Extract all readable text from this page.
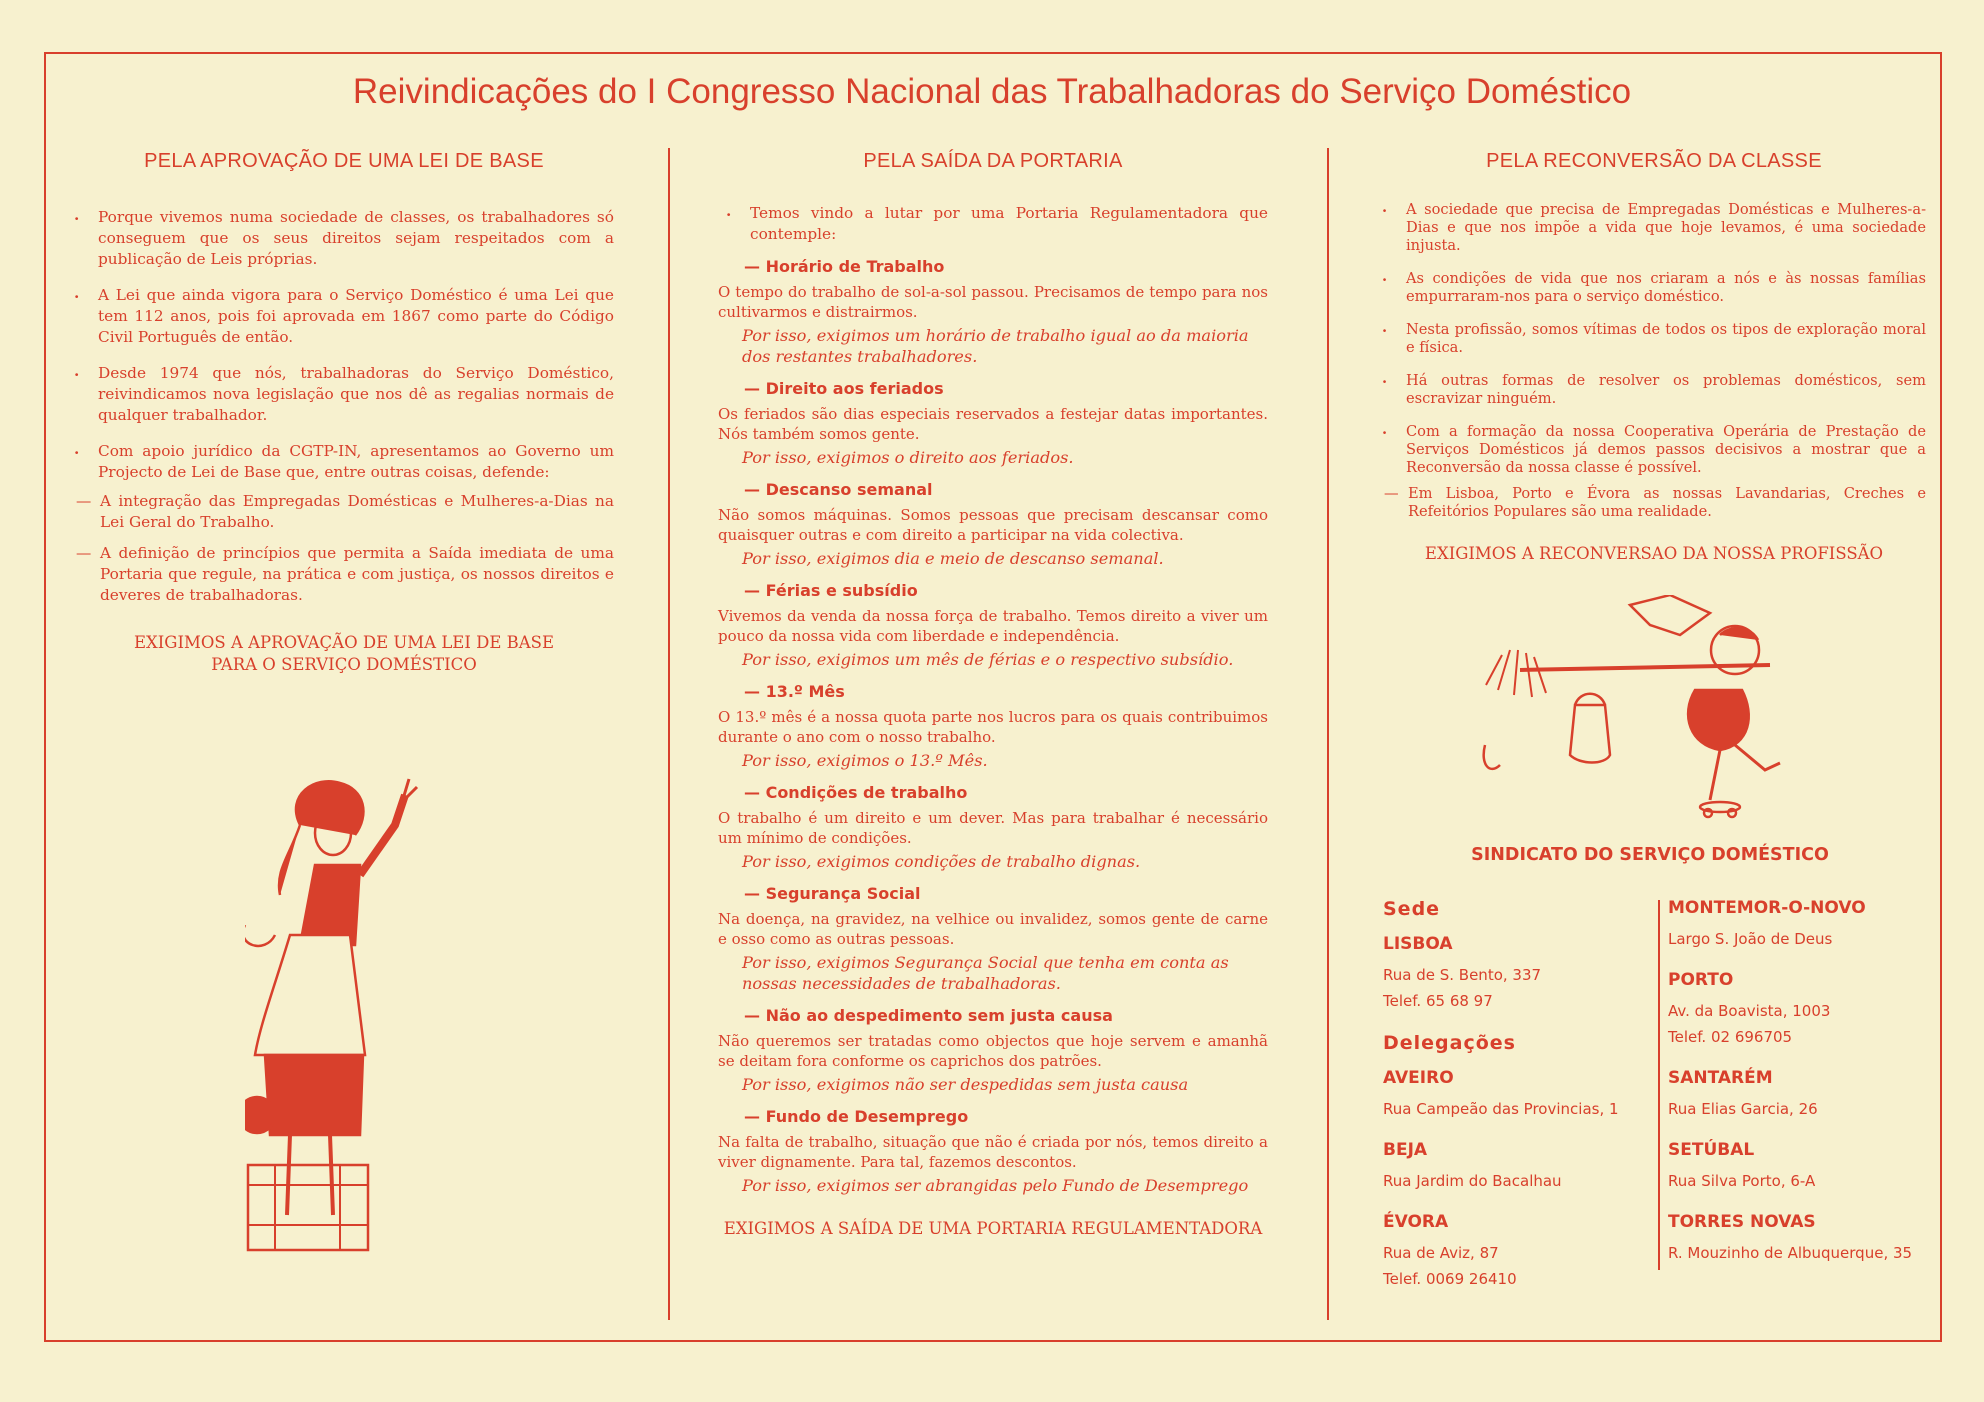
Reivindicações do I Congresso Nacional das Trabalhadoras do Serviço Doméstico
PELA APROVAÇÃO DE UMA LEI DE BASE
. Porque vivemos numa sociedade de classes, os trabalhadores só conseguem que os seus direitos sejam respeitados com a publicação de Leis próprias.
. A Lei que ainda vigora para o Serviço Doméstico é uma Lei que tem 112 anos, pois foi aprovada em 1867 como parte do Código Civil Português de então.
. Desde 1974 que nós, trabalhadoras do Serviço Doméstico, reivindicamos nova legislação que nos dê as regalias normais de qualquer trabalhador.
. Com apoio jurídico da CGTP-IN, apresentamos ao Governo um Projecto de Lei de Base que, entre outras coisas, defende:
— A integração das Empregadas Domésticas e Mulheres-a-Dias na Lei Geral do Trabalho.
— A definição de princípios que permita a Saída imediata de uma Portaria que regule, na prática e com justiça, os nossos direitos e deveres de trabalhadoras.
EXIGIMOS A APROVAÇÃO DE UMA LEI DE BASE PARA O SERVIÇO DOMÉSTICO
PELA SAÍDA DA PORTARIA
. Temos vindo a lutar por uma Portaria Regulamentadora que contemple:
— Horário de Trabalho
O tempo do trabalho de sol-a-sol passou. Precisamos de tempo para nos cultivarmos e distrairmos.
Por isso, exigimos um horário de trabalho igual ao da maioria dos restantes trabalhadores.
— Direito aos feriados
Os feriados são dias especiais reservados a festejar datas importantes. Nós também somos gente.
Por isso, exigimos o direito aos feriados.
— Descanso semanal
Não somos máquinas. Somos pessoas que precisam descansar como quaisquer outras e com direito a participar na vida colectiva.
Por isso, exigimos dia e meio de descanso semanal.
— Férias e subsídio
Vivemos da venda da nossa força de trabalho. Temos direito a viver um pouco da nossa vida com liberdade e independência.
Por isso, exigimos um mês de férias e o respectivo subsídio.
— 13.º Mês
O 13.º mês é a nossa quota parte nos lucros para os quais contribuimos durante o ano com o nosso trabalho.
Por isso, exigimos o 13.º Mês.
— Condições de trabalho
O trabalho é um direito e um dever. Mas para trabalhar é necessário um mínimo de condições.
Por isso, exigimos condições de trabalho dignas.
— Segurança Social
Na doença, na gravidez, na velhice ou invalidez, somos gente de carne e osso como as outras pessoas.
Por isso, exigimos Segurança Social que tenha em conta as nossas necessidades de trabalhadoras.
— Não ao despedimento sem justa causa
Não queremos ser tratadas como objectos que hoje servem e amanhã se deitam fora conforme os caprichos dos patrões.
Por isso, exigimos não ser despedidas sem justa causa
— Fundo de Desemprego
Na falta de trabalho, situação que não é criada por nós, temos direito a viver dignamente. Para tal, fazemos descontos.
Por isso, exigimos ser abrangidas pelo Fundo de Desemprego
EXIGIMOS A SAÍDA DE UMA PORTARIA REGULAMENTADORA
PELA RECONVERSÃO DA CLASSE
. A sociedade que precisa de Empregadas Domésticas e Mulheres-a-Dias e que nos impõe a vida que hoje levamos, é uma sociedade injusta.
. As condições de vida que nos criaram a nós e às nossas famílias empurraram-nos para o serviço doméstico.
. Nesta profissão, somos vítimas de todos os tipos de exploração moral e física.
. Há outras formas de resolver os problemas domésticos, sem escravizar ninguém.
. Com a formação da nossa Cooperativa Operária de Prestação de Serviços Domésticos já demos passos decisivos a mostrar que a Reconversão da nossa classe é possível.
— Em Lisboa, Porto e Évora as nossas Lavandarias, Creches e Refeitórios Populares são uma realidade.
EXIGIMOS A RECONVERSAO DA NOSSA PROFISSÃO
SINDICATO DO SERVIÇO DOMÉSTICO
Sede
LISBOA
Rua de S. Bento, 337
Telef. 65 68 97
Delegações
AVEIRO
Rua Campeão das Provincias, 1
BEJA
Rua Jardim do Bacalhau
ÉVORA
Rua de Aviz, 87
Telef. 0069 26410
MONTEMOR-O-NOVO
Largo S. João de Deus
PORTO
Av. da Boavista, 1003
Telef. 02 696705
SANTARÉM
Rua Elias Garcia, 26
SETÚBAL
Rua Silva Porto, 6-A
TORRES NOVAS
R. Mouzinho de Albuquerque, 35
